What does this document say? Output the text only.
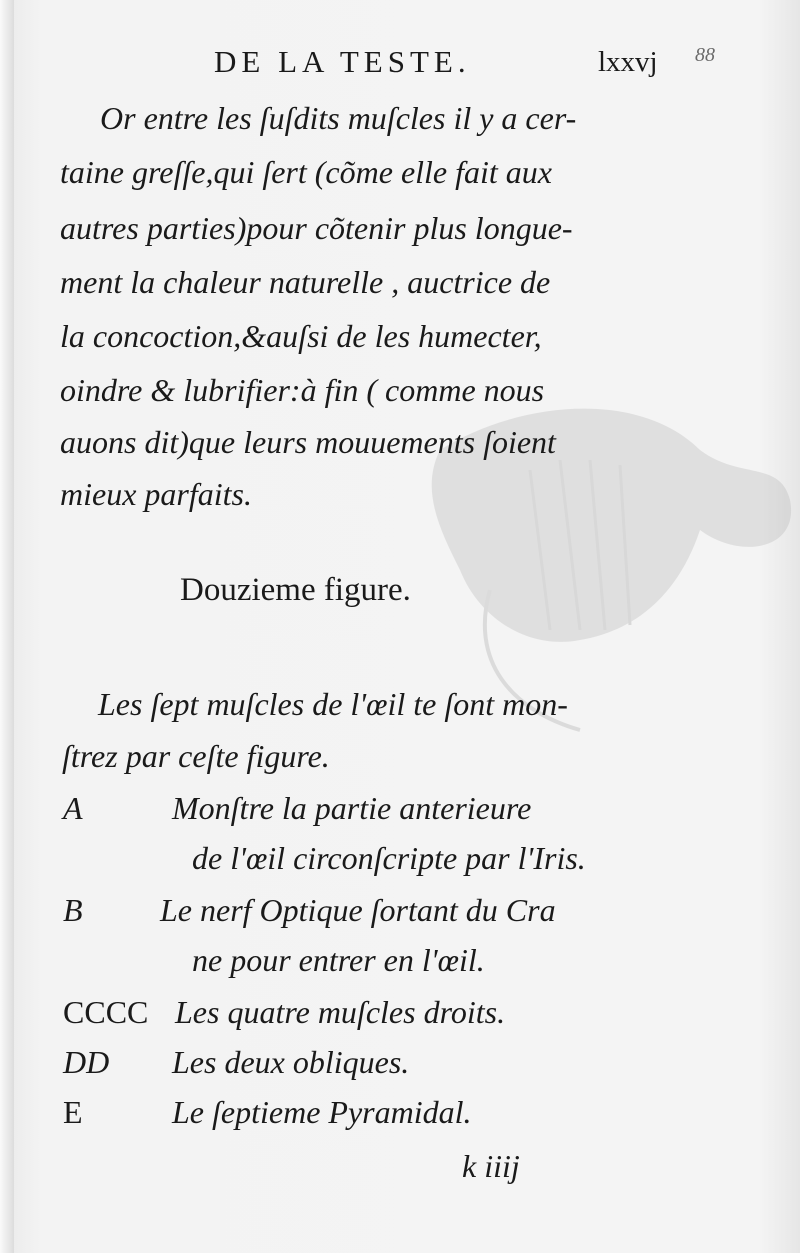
DE LA TESTE.	lxxvj 88
Or entre les ſuſdits muſcles il y a cer-
taine greſſe,qui ſert (cõme elle fait aux
autres parties)pour cõtenir plus longue-
ment la chaleur naturelle , auctrice de
la concoction,&auſsi de les humecter,
oindre & lubrifier:à fin ( comme nous
auons dit)que leurs mouuements ſoient
mieux parfaits.
Douzieme figure.
Les ſept muſcles de l'œil te ſont mon-
ſtrez par ceſte figure.
A	Monſtre la partie anterieure
de l'œil circonſcripte par l'Iris.
B Le nerf Optique ſortant du Cra
ne pour entrer en l'œil.
CCCC Les quatre muſcles droits.
DD Les deux obliques.
E	Le ſeptieme Pyramidal.
k iiij
